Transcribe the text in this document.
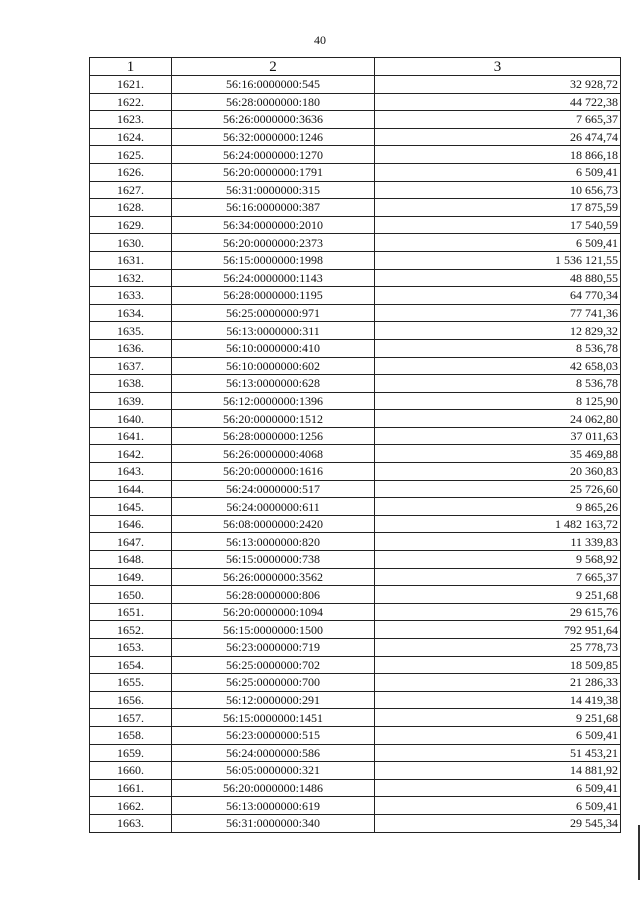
40
1	2	3
1621.	56:16:0000000:545	32 928,72
1622.	56:28:0000000:180	44 722,38
1623.	56:26:0000000:3636	7 665,37
1624.	56:32:0000000:1246	26 474,74
1625.	56:24:0000000:1270	18 866,18
1626.	56:20:0000000:1791	6 509,41
1627.	56:31:0000000:315	10 656,73
1628.	56:16:0000000:387	17 875,59
1629.	56:34:0000000:2010	17 540,59
1630.	56:20:0000000:2373	6 509,41
1631.	56:15:0000000:1998	1 536 121,55
1632.	56:24:0000000:1143	48 880,55
1633.	56:28:0000000:1195	64 770,34
1634.	56:25:0000000:971	77 741,36
1635.	56:13:0000000:311	12 829,32
1636.	56:10:0000000:410	8 536,78
1637.	56:10:0000000:602	42 658,03
1638.	56:13:0000000:628	8 536,78
1639.	56:12:0000000:1396	8 125,90
1640.	56:20:0000000:1512	24 062,80
1641.	56:28:0000000:1256	37 011,63
1642.	56:26:0000000:4068	35 469,88
1643.	56:20:0000000:1616	20 360,83
1644.	56:24:0000000:517	25 726,60
1645.	56:24:0000000:611	9 865,26
1646.	56:08:0000000:2420	1 482 163,72
1647.	56:13:0000000:820	11 339,83
1648.	56:15:0000000:738	9 568,92
1649.	56:26:0000000:3562	7 665,37
1650.	56:28:0000000:806	9 251,68
1651.	56:20:0000000:1094	29 615,76
1652.	56:15:0000000:1500	792 951,64
1653.	56:23:0000000:719	25 778,73
1654.	56:25:0000000:702	18 509,85
1655.	56:25:0000000:700	21 286,33
1656.	56:12:0000000:291	14 419,38
1657.	56:15:0000000:1451	9 251,68
1658.	56:23:0000000:515	6 509,41
1659.	56:24:0000000:586	51 453,21
1660.	56:05:0000000:321	14 881,92
1661.	56:20:0000000:1486	6 509,41
1662.	56:13:0000000:619	6 509,41
1663.	56:31:0000000:340	29 545,34
